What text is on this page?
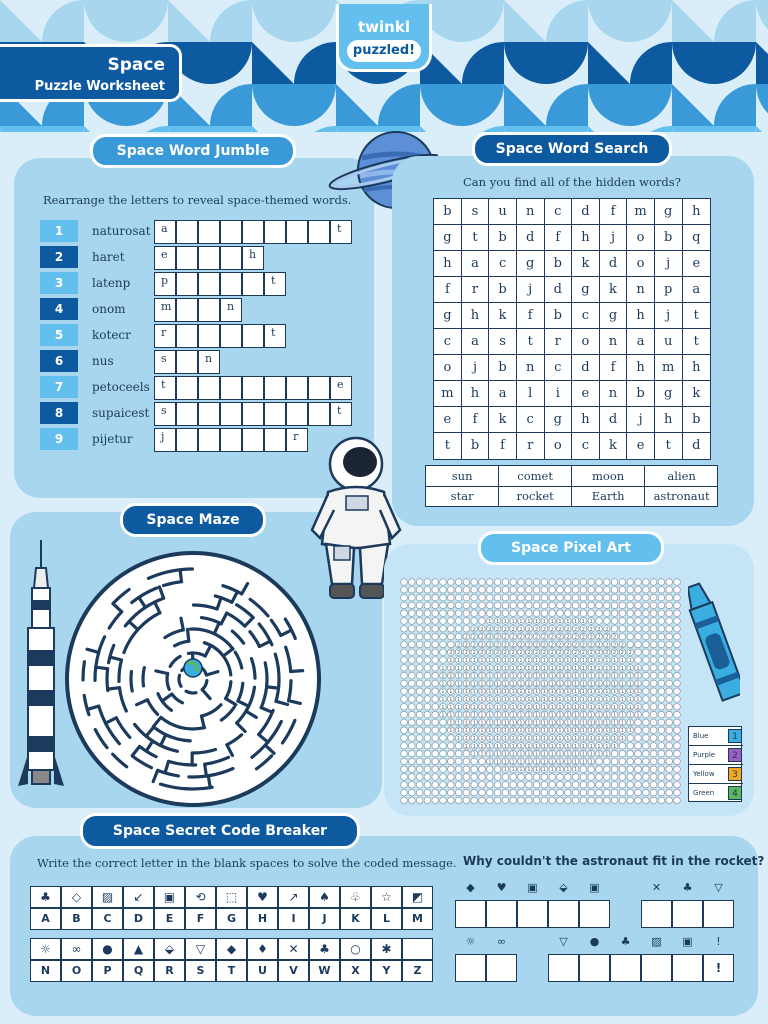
Space
Puzzle Worksheet
twinkl
puzzled!
Space Word Jumble
Rearrange the letters to reveal space-themed words.
1	naturosat a	t
2	haret	e	h
3	latenp	p	t
4	onom	m	n
5	kotecr	r	t
6	nus	s	n
7	petoceels	t	e
8	supaicest	s	t
9	pijetur	j	r
Space Word Search
Can you find all of the hidden words?
b	s	u	n	c	d	f	m	g	h
g	t	b	d	f	h	j	o	b	q
h	a	c	g	b	k	d	o	j	e
f	r	b	j	d	g	k	n	p	a
g	h	k	f	b	c	g	h	j	t
c	a	s	t	r	o	n	a	u	t
o	j	b	n	c	d	f	h	m	h
m	h	a	l	i	e	n	b	g	k
e	f	k	c	g	h	d	j	h	b
t	b	f	r	o	c	k	e	t	d
sun	comet	moon	alien
star	rocket	Earth	astronaut
Space Maze
Space Pixel Art
1 1 1 1 1 1 1 1 1 1 1 1 1 1
2 2 2 2 2 2 2 2 2 2 2 2 2 2 2 2 2 2
2 2 2 2 2 2 2 2 2 2 2 2 2 2 2 2 2 2 2 2
2 2 2 2 2 2 2 2 2 2 2 2 2 2 2 2 2 2 2 2 2 2
2 2 2 2 2 2 2 2 2 2 2 2 2 2 2 2 2 2 2 2 2 2 2 2
1 1 1 1 1 1 1 1 1 1 1 1 1 1 1 1 1 1 1 1 1 1 1 1
1 1 1 1 1 1 1 1 1 1 1 1 1 1 1 1 1 1 1 1 1 1 1 1 1 1
1 1 1 1 1 1 1 1 1 1 1 1 1 1 1 1 1 1 1 1 1 1 1 1 1 1
1 1 1 1 1 1 1 1 1 1 1 1 1 1 1 1 1 1 1 1 1 1 1 1 1 1
1 1 1 1 1 1 1 1 1 1 1 1 1 1 1 1 1 1 1 1 1 1 1 1 1 1
1 1 1 1 1 1 1 1 1 1 1 1 1 1 1 1 1 1 1 1 1 1 1 1 1 1
1 1 1 1 1 1 1 1 1 1 1 1 1 1 1 1 1 1 1 1 1 1 1 1 1 1
1 1 1 1 1 1 1 1 1 1 1 1 1 1 1 1 1 1 1 1 1 1 1 1 1 1
1 1 1 1 1 1 1 1 1 1 1 1 1 1 1 1 1 1 1 1 1 1 1 1
1 1 1 1 1 1 1 1 1 1 1 1 1 1 1 1 1 1 1 1 1 1 1 1
1 1 1 1 1 1 1 1 1 1 1 1 1 1 1 1 1 1 1 1 1 1
1 1 1 1 1 1 1 1 1 1 1 1 1 1 1 1 1 1 1 1
1 1 1 1 1 1 1 1 1 1 1 1 1 1 1 1 1 1
1 1 1 1 1 1 1 1 1 1 1 1 1 1
1 1 1 1 1 1 1 1 1 1
Blue	1
Purple	2
Yellow	3
Green	4
Space Secret Code Breaker
Write the correct letter in the blank spaces to solve the coded message. Why couldn't the astronaut fit in the rocket?
♣	◇	▨	↙	▣	⟲	⬚	♥	↗	♠	♧	☆	◩
A	B	C	D	E	F	G	H	I	J	K	L	M
☼	∞	●	▲	⬙	▽	◆	♦	✕	♣	○	✱
N	O	P	Q	R	S	T	U	V	W	X	Y	Z
◆	♥	▣	⬙	▣	✕	♣	▽
☼	∞	▽	●	♣	▨	▣	!
!
